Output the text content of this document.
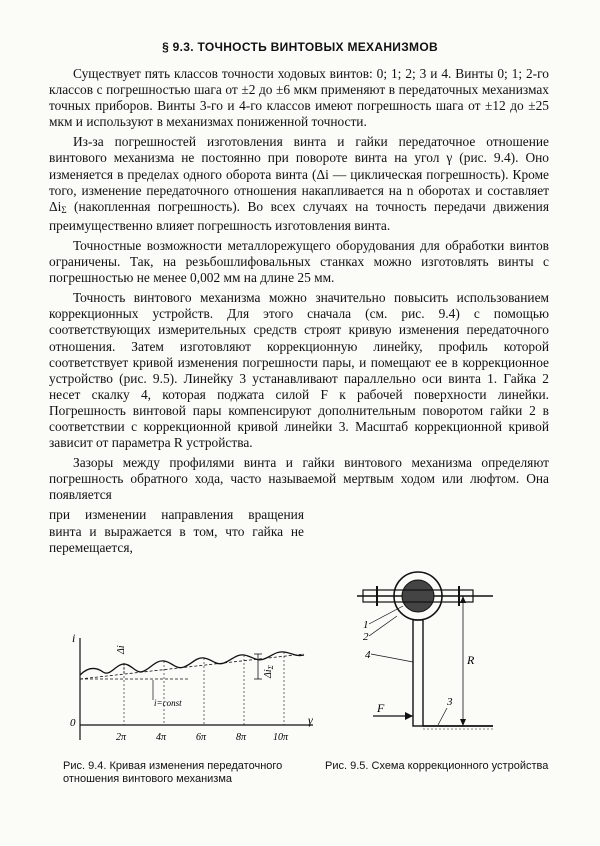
§ 9.3. ТОЧНОСТЬ ВИНТОВЫХ МЕХАНИЗМОВ

Существует пять классов точности ходовых винтов: 0; 1; 2; 3 и 4. Винты 0; 1; 2-го классов с погрешностью шага от ±2 до ±6 мкм применяют в передаточных механизмах точных приборов. Винты 3-го и 4-го классов имеют погрешность шага от ±12 до ±25 мкм и используют в механизмах пониженной точности.

Из-за погрешностей изготовления винта и гайки передаточное отношение винтового механизма не постоянно при повороте винта на угол γ (рис. 9.4). Оно изменяется в пределах одного оборота винта (Δi — циклическая погрешность). Кроме того, изменение передаточного отношения накапливается на n оборотах и составляет $\Delta i_\Sigma$ (накопленная погрешность). Во всех случаях на точность передачи движения преимущественно влияет погрешность изготовления винта.

Точностные возможности металлорежущего оборудования для обработки винтов ограничены. Так, на резьбошлифовальных станках можно изготовлять винты с погрешностью не менее 0,002 мм на длине 25 мм.

Точность винтового механизма можно значительно повысить использованием коррекционных устройств. Для этого сначала (см. рис. 9.4) с помощью соответствующих измерительных средств строят кривую изменения передаточного отношения. Затем изготовляют коррекционную линейку, профиль которой соответствует кривой изменения погрешности пары, и помещают ее в коррекционное устройство (рис. 9.5). Линейку 3 устанавливают параллельно оси винта 1. Гайка 2 несет скалку 4, которая поджата силой F к рабочей поверхности линейки. Погрешность винтовой пары компенсируют дополнительным поворотом гайки 2 в соответствии с коррекционной кривой линейки 3. Масштаб коррекционной кривой зависит от параметра R устройства.

Зазоры между профилями винта и гайки винтового механизма определяют погрешность обратного хода, часто называемой мертвым ходом или люфтом. Она появляется

при изменении направления вращения винта и выражается в том, что гайка не перемещается,

i
0	γ
Δi
i=const
$\Delta i_\Sigma$
2π	4π	6π	8π	10π
F
R
1
2
4
3
Рис. 9.4. Кривая изменения передаточного отношения винтового механизма
Рис. 9.5. Схема коррекционного устройства
